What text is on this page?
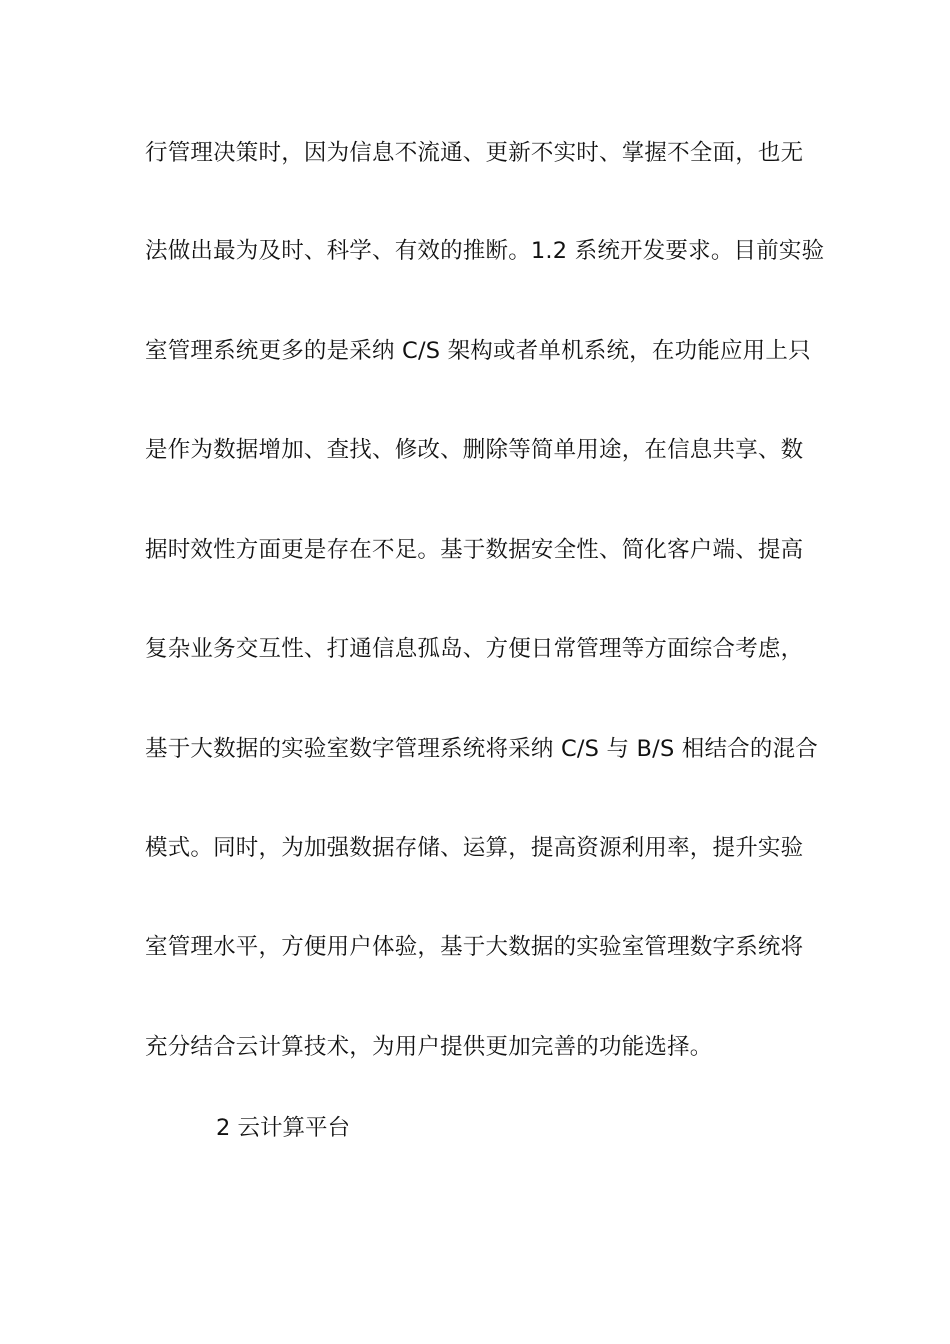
行管理决策时，因为信息不流通、更新不实时、掌握不全面，也无
法做出最为及时、科学、有效的推断。1.2 系统开发要求。目前实验
室管理系统更多的是采纳 C/S 架构或者单机系统，在功能应用上只
是作为数据增加、查找、修改、删除等简单用途，在信息共享、数
据时效性方面更是存在不足。基于数据安全性、简化客户端、提高
复杂业务交互性、打通信息孤岛、方便日常管理等方面综合考虑，
基于大数据的实验室数字管理系统将采纳 C/S 与 B/S 相结合的混合
模式。同时，为加强数据存储、运算，提高资源利用率，提升实验
室管理水平，方便用户体验，基于大数据的实验室管理数字系统将
充分结合云计算技术，为用户提供更加完善的功能选择。
2 云计算平台
